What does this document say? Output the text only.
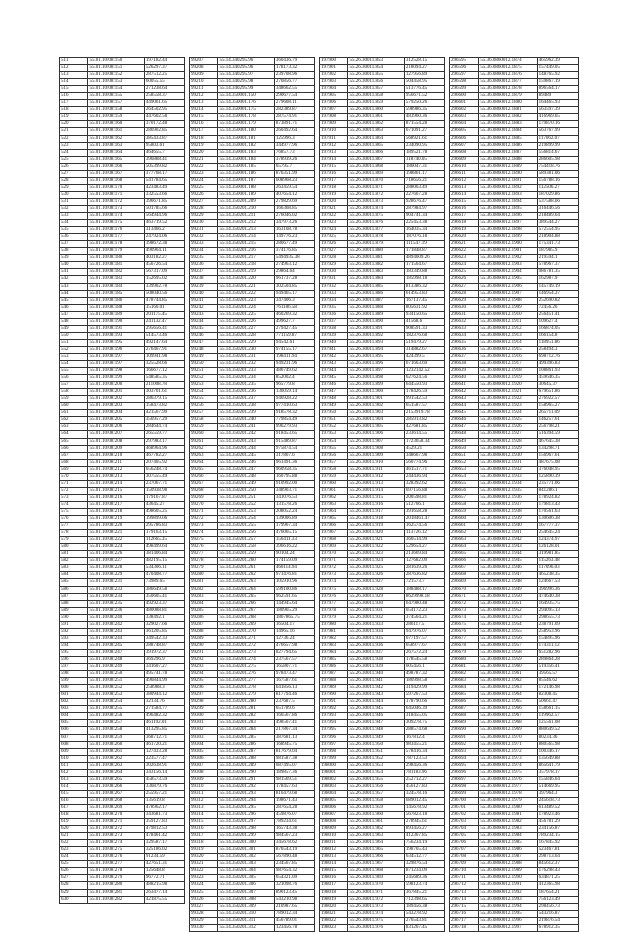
511	55.01.10/08:150	197182.44
512	55.01.10/08:151	526297.37
513	55.01.10/08:152	287512.25
514	55.01.10/08:153	60055.55
515	55.01.10/08:154	271238.64
516	55.01.10/08:155	258558.37
517	55.01.10/08:157	449061.65
518	55.01.10/08:158	264502.95
519	55.01.10/08:159	447602.58
520	55.01.10/08:160	370172.48
521	55.01.10/08:161	286902.85
522	55.01.10/08:162	385433.87
523	55.01.10/08:163	95803.61
524	55.01.10/08:164	464655.7
525	55.01.10/08:165	396888.41
526	55.01.10/08:166	505399.82
527	55.01.10/08:167	377768.17
528	55.01.10/08:168	541784.65
529	55.01.10/08:170	423483.49
530	55.01.10/08:171	332553.66
531	55.01.10/08:172	396671.85
532	55.01.10/08:173	501785.66
533	55.01.10/08:174	564944.96
534	55.01.10/08:175	463719.52
535	55.01.10/08:176	313466.2
536	55.01.10/08:177	247924.06
537	55.01.10/08:178	398672.38
538	55.01.10/08:179	490964.11
539	55.01.10/08:180	403182.27
540	55.01.10/08:181	456726.54
541	55.01.10/08:182	567317.09
542	55.01.10/08:183	152695.02
543	55.01.10/08:184	339902.78
544	55.01.10/08:185	508040.56
545	55.01.10/08:186	478744.85
546	55.01.10/08:188	35160.01
547	55.01.10/08:189	201175.45
548	55.01.10/08:190	241132.47
549	55.01.10/08:191	295656.41
550	55.01.10/08:193	514573.46
551	55.01.10/08:195	492147.64
552	55.01.10/08:196	276467.91
553	55.01.10/08:197	109941.98
554	55.01.10/08:197	325528.66
555	55.01.10/08:198	166677.12
556	55.01.10/08:199	548585.35
557	55.01.10/08:200	211008.78
558	55.01.10/08:201	303701.61
559	55.01.10/08:202	286379.15
560	55.01.10/08:203	158473.82
561	55.01.10/08:204	421567.99
562	55.01.10/08:205	356957.29
563	55.01.10/08:206	284644.74
564	55.01.10/08:207	265559.77
565	55.01.10/08:208	297983.17
566	55.01.10/08:209	468964.96
567	55.01.10/08:210	467782.27
568	55.01.10/08:211	207405.92
569	55.01.10/08:212	656248.74
570	55.01.10/08:213	307555.49
571	55.01.10/08:214	237067.71
572	55.01.10/08:215	150938.98
573	55.01.10/08:216	179167.87
574	55.01.10/08:217	43645.27
575	55.01.10/08:218	498605.25
576	55.01.10/08:219	199899.06
577	55.01.10/08:220	295786.83
578	55.01.10/08:221	179163.15
579	55.01.10/08:222	112665.35
580	55.01.10/08:224	498499.64
581	55.01.10/08:226	381406.84
582	55.01.10/08:227	482195.15
583	55.01.10/08:228	534306.11
584	55.01.10/08:229	470408.77
585	55.01.10/08:231	73989.65
586	55.01.10/08:233	386649.58
587	55.01.10/08:234	350605.41
588	55.01.10/08:235	492923.37
589	55.01.10/08:236	480088.81
590	55.01.10/08:240	338492.1
591	55.01.10/08:242	329027.66
592	55.01.10/08:243	361205.85
593	55.01.10/08:244	349542.33
594	55.01.10/08:245	288748.87
595	55.01.10/08:247	391972.37
596	55.01.10/08:248	369296.9
597	55.01.10/08:249	341607.27
598	55.01.10/08:250	495741.78
599	55.01.10/08:251	496844.99
600	55.01.10/08:252	258988.3
601	55.01.10/08:253	380944.12
602	55.01.10/08:254	32134.76
603	55.01.10/08:255	271584.77
604	55.01.10/08:256	496482.32
605	55.01.10/08:257	461192.01
606	55.01.10/08:258	413295.85
607	55.01.10/08:259	368712.71
608	55.01.10/08:260	461720.21
609	55.01.10/08:261	127433.28
610	55.01.10/08:262	223577.47
611	55.01.10/08:263	302638.91
612	55.01.10/08:264	343156.14
613	55.01.10/08:265	458573.59
614	55.01.10/08:266	336879.76
615	55.01.10/08:267	255957.21
616	55.01.10/08:268	135619.8
617	55.01.10/08:269	478962.17
618	55.01.10/08:270	343681.73
619	55.01.10/08:271	359127.83
620	55.01.10/08:272	479812.53
621	55.01.10/08:273	478461.42
622	55.01.10/08:274	329587.17
623	55.01.10/08:275	325186.02
624	55.01.10/08:276	91234.59
625	55.01.10/08:277	427651.31
626	55.01.10/08:278	125648.8
627	55.01.10/08:279	96772.71
628	55.01.10/08:280	488215.98
629	55.01.10/08:281	263477.14
630	55.01.10/08:282	421875.55
99207	55.14.340295.96	360436.79
99208	55.14.340295.96	178173.32
99209	55.14.340295.97	239708.96
99210	55.14.340295.98	276856.77
99211	55.14.340295.99	348662.55
99212	55.14.350001.150	290677.54
99213	55.14.350001.176	279608.11
99214	55.14.350001.175	282389.87
99215	55.14.350001.178	287574.91
99216	55.14.350001.179	873891.71
99217	55.14.350001.180	260492.64
99218	55.14.350001.181	125996.3
99219	55.14.350001.182	344977.96
99220	55.14.350001.183	76857.73
99221	55.14.350001.184	378939.26
99222	55.14.350001.185	65795.7
99223	55.14.350001.186	876351.99
99224	55.14.350001.187	608968.23
99225	55.14.350001.188	263459.54
99226	55.14.350001.189	407654.12
99227	55.14.350201.209	279829.69
99228	55.14.350201.210	166368.85
99229	55.14.350201.211	276046.02
99230	55.14.350201.212	347973.26
99231	55.14.350201.213	163168.78
99232	55.14.350201.214	149776.23
99233	55.14.350201.215	286677.49
99234	55.14.350201.216	374176.85
99235	55.14.350201.217	5494935.38
99236	55.14.350201.218	274963.12
99237	55.14.350201.219	29864.64
99238	55.14.350201.220	961737.28
99239	55.14.350201.221	302504.85
99240	55.14.350201.222	949465.17
99241	55.14.350201.223	347406.3
99242	55.14.350201.224	761186.58
99243	55.14.350201.225	460269.32
99244	55.14.350201.226	499627.7
99245	55.14.350201.227	279427.45
99246	55.14.350201.228	771159.87
99247	55.14.350201.229	94542.61
99248	55.14.350201.230	974155.17
99249	55.14.350201.231	198411.94
99250	55.14.350201.232	949231.96
99251	55.14.350201.233	486749.62
99252	55.14.350201.234	852002.4
99253	55.14.350201.235	965779.8
99254	55.14.350201.236	136059.14
99255	55.14.350201.237	946928.22
99256	55.14.350201.238	977410.63
99257	55.14.350201.239	918578.32
99258	55.14.350201.240	779854.49
99259	55.14.350201.241	996279.93
99260	55.14.350201.242	918453.65
99261	55.14.350201.243	915489.87
99262	55.14.350201.244	975874.54
99263	55.14.350201.245	317867.6
99264	55.14.350201.246	961491.36
99265	55.14.350201.247	960958.35
99266	55.14.350201.248	160795.88
99267	55.14.350201.249	910992.00
99268	55.14.350201.250	348903.71
99269	55.14.350201.251	341076.53
99270	55.14.350201.252	131578.26
99271	55.14.350201.253	208052.24
99272	55.14.350201.254	139006.89
99273	55.14.350201.255	179967.34
99274	55.14.350201.256	476065.15
99275	55.14.350201.257	156411.33
99276	55.14.350201.258	396616.22
99277	55.14.350201.259	90104.24
99278	55.14.350201.260	174159.09
99279	55.14.350201.261	460114.94
99280	55.14.350201.262	971476.81
99281	55.14.350201.263	105910.96
99282	55.14.350201.264	599100.86
99283	55.14.350201.265	962591.65
99284	55.14.350201.266	144945.64
99285	55.14.350201.267	180965.29
99286	55.14.350201.268	1867865.75
99287	55.14.350201.269	16504.17
99288	55.14.350201.270	14965.16
99289	55.14.350201.271	12736.24
99290	55.14.350201.272	476657.98
99291	55.14.350201.273	827794.65
99292	55.14.350201.274	237567.57
99293	55.14.350201.275	165807.71
99294	55.14.350201.276	978473.47
99295	55.14.350201.277	167587.61
99296	55.14.350201.278	641856.13
99297	55.14.350201.279	817794.46
99298	55.14.350201.280	237687.5
99299	55.14.350201.281	651789.6
99300	55.14.350201.282	166567.86
99301	55.14.350201.283	498567.41
99302	55.14.350201.284	217867.34
99303	55.14.350201.285	387681.13
99304	55.14.350201.286	168945.75
99305	55.14.350201.287	817679.04
99306	55.14.350201.288	981587.38
99307	55.14.350201.289	687495.07
99308	55.14.350201.290	189857.36
99309	55.14.350201.291	981569.51
99310	55.14.350201.292	178457.63
99311	55.14.350201.293	816479.68
99312	55.14.350201.294	198671.43
99313	55.14.350201.295	287654.28
99314	55.14.350201.296	459876.07
99315	55.14.350201.297	789234.61
99316	55.14.350201.298	165743.38
99317	55.14.350201.299	984567.23
99318	55.14.350201.300	345678.62
99319	55.14.350201.301	876543.19
99320	55.14.350201.302	567890.48
99321	55.14.350201.303	234567.85
99322	55.14.350201.304	987654.32
99323	55.14.350201.305	654321.09
99324	55.14.350201.306	321098.76
99325	55.14.350201.307	890123.45
99326	55.14.350201.308	543210.98
99327	55.14.350201.309	210987.65
99328	55.14.350201.310	789012.34
99329	55.14.350201.311	456789.01
99330	55.14.350201.312	123456.78
197900	55.26.30011.853	312528.15
197901	55.26.30011.854	218094.27
197902	55.26.30011.855	127956.89
197903	55.26.30011.856	504458.95
197904	55.26.30011.857	513776.45
197905	55.26.30011.858	956671.52
197906	55.26.30011.859	579250.26
197907	55.26.30011.860	598986.35
197908	55.26.30011.861	483960.36
197909	55.26.30011.862	871554.28
197910	55.26.30011.863	671091.27
197911	55.26.30011.864	568921.61
197912	55.26.30011.865	234090.95
197913	55.26.30011.866	189521.78
197914	55.26.30011.867	118740.05
197915	55.26.30011.868	186047.31
197916	55.26.30011.869	198861.17
197917	55.26.30011.870	718656.21
197918	55.26.30011.871	288063.49
197919	55.26.30011.872	227667.28
197920	55.26.30011.873	928676.47
197921	55.26.30011.874	287984.97
197922	55.26.30011.875	904741.34
197923	55.26.30011.876	225453.38
197924	55.26.30011.877	164035.34
197925	55.26.30011.878	187076.18
197926	55.26.30011.879	111547.19
197927	55.26.30011.880	171848.87
197928	55.26.30011.881	4894609.26
197929	55.26.30011.882	171564.67
197930	55.26.30011.883	183349.88
197931	55.26.30011.884	185998.18
197932	55.26.30011.885	813386.32
197933	55.26.30011.886	614953.83
197934	55.26.30011.887	167137.45
197935	55.26.30011.888	805631.92
197936	55.26.30011.889	934150.65
197937	55.26.30011.890	41568.6
197938	55.26.30011.891	908591.33
197939	55.26.30011.892	182376.68
197940	55.26.30011.893	519479.27
197941	55.26.30011.894	314882.67
197942	55.26.30011.895	424399.5
197943	55.26.30011.896	671663.69
197944	55.26.30011.897	1232142.52
197945	55.26.30011.898	627624.56
197946	55.26.30011.899	644550.93
197947	55.26.30011.900	178426.59
197948	55.26.30011.901	991542.53
197949	55.26.30011.902	651587.57
197950	55.26.30011.903	2153919.78
197951	55.26.30011.904	285913.82
197952	55.26.30011.905	427681.85
197953	55.26.30011.906	233614.55
197954	55.26.30011.907	1723658.34
197955	55.26.30011.908	4529.21
197956	55.26.30011.909	348667.98
197957	55.26.30011.910	560774.96
197958	55.26.30011.911	461517.71
197959	55.26.30011.912	244436.94
197960	55.26.30011.913	328392.62
197961	55.26.30011.914	697156.88
197962	55.26.30011.915	200598.81
197963	55.26.30011.916	512766.1
197964	55.26.30011.917	391658.28
197965	55.26.30011.918	2018461.47
197966	55.26.30011.919	162574.56
197967	55.26.30011.920	113726.12
197968	55.26.30011.921	366514.99
197969	55.26.30011.922	529654.27
197970	55.26.30011.923	213669.84
197971	55.26.30011.924	127682.09
197972	55.26.30011.925	281639.26
197973	55.26.30011.926	287636.82
197974	55.26.30011.927	721573.7
197975	55.26.30011.928	188488.17
197976	55.26.30011.929	8629998.18
197977	55.26.30011.930	647980.48
197978	55.26.30011.931	654172.23
197979	55.26.30011.932	374564.21
197980	55.26.30011.933	286117.5
197981	55.26.30011.934	947976.07
197982	55.26.30011.935	677197.57
197983	55.26.30011.936	658977.67
197984	55.26.30011.937	267572.24
197985	55.26.30011.938	178545.58
197986	55.26.30011.939	605456.1
197987	55.26.30011.940	498787.32
197988	55.26.30011.941	186998.58
197989	55.26.30011.942	319429.99
197990	55.26.30011.943	597267.53
197991	55.26.30011.944	178790.66
197992	55.26.30011.945	645046.39
197993	55.26.30011.946	318455.05
197994	55.26.30011.947	309278.75
197995	55.26.30011.948	288574.68
197996	55.26.30011.949	167812.4
197997	55.26.30011.950	983455.21
197998	55.26.30011.951	578416.34
197999	55.26.30011.952	787123.53
198000	55.26.30011.953	298456.36
198001	55.26.30011.954	781183.96
198002	55.26.30011.955	252712.27
198003	55.26.30011.956	456127.83
198004	55.26.30011.957	324578.16
198005	55.26.30011.958	689012.45
198006	55.26.30011.959	145678.92
198007	55.26.30011.960	567823.18
198008	55.26.30011.961	278945.61
198009	55.26.30011.962	893456.27
198010	55.26.30011.963	412367.85
198011	55.26.30011.964	756234.19
198012	55.26.30011.965	198765.43
198013	55.26.30011.966	634512.77
198014	55.26.30011.967	329876.54
198015	55.26.30011.968	871234.09
198016	55.26.30011.969	245689.36
198017	55.26.30011.970	598123.74
198018	55.26.30011.971	367845.21
198019	55.26.30011.972	712398.65
198020	55.26.30011.973	189456.38
198021	55.26.30011.974	543278.92
198022	55.26.30011.975	276543.81
198023	55.26.30011.976	831267.45
296595	55.36.0860012.1874	465962.39
296596	55.36.0860012.1875	157449.05
296597	55.36.0860012.1876	148765.92
296598	55.36.0860012.1877	159867.19
296599	55.36.0860012.1878	896564.17
296600	55.36.0860012.1879	89489
296601	55.36.0860012.1880	164465.93
296602	55.36.0860012.1881	563597.39
296603	55.36.0860012.1882	416969.65
296604	55.36.0860012.1883	179870.16
296605	55.36.0860012.1884	563767.99
296606	55.36.0860012.1885	117062.07
296607	55.36.0860012.1886	219899.99
296608	55.36.0860012.1887	556814.67
296609	55.36.0860012.1888	286605.98
296610	55.36.0860012.1889	754418.76
296611	55.36.0860012.1890	589381.06
296612	55.36.0860012.1891	156788.16
296613	55.36.0860012.1892	112506.27
296614	55.36.0860012.1893	187029.86
296615	55.36.0860012.1894	537588.66
296616	55.36.0860012.1895	316446.56
296617	55.36.0860012.1896	218489.64
296618	55.36.0860012.1897	389544.27
296619	55.36.0860012.1898	572554.95
296620	55.36.0860012.1899	218904.88
296621	55.36.0860012.1900	175341.73
296622	55.36.0860012.1901	187985.9
296623	55.36.0860012.1902	219594.1
296624	55.36.0860012.1903	578967.37
296625	55.36.0860012.1904	986781.35
296626	55.36.0860012.1905	162987.9
296627	55.36.0860012.1906	145749.19
296628	55.36.0860012.1907	146954.37
296629	55.36.0860012.1908	252690.82
296630	55.36.0860012.1909	72456.26
296631	55.36.0860012.1910	256451.41
296632	55.36.0860012.1911	109627.4
296633	55.36.0860012.1912	166874.05
296634	55.36.0860012.1913	166154.8
296635	55.36.0860012.1914	118951.86
296636	55.36.0860012.1915	258494.3
296637	55.36.0860012.1916	698712.76
296638	55.36.0860012.1917	499396.83
296639	55.36.0860012.1918	108861.93
296640	55.36.0860012.1919	459646.35
296641	55.36.0860012.1920	30645.37
296642	55.36.0860012.1921	679651.86
296643	55.36.0860012.1922	276922.57
296644	55.36.0860012.1923	158965.27
296645	55.36.0860012.1924	265711.09
296646	55.36.0860012.1925	146257.61
296647	55.36.0860012.1926	256798.21
296648	55.36.0860012.1927	516394.59
296649	55.36.0860012.1928	467645.38
296650	55.36.0860012.1929	134298.71
296651	55.36.0860012.1930	156967.61
296652	55.36.0860012.1931	487675.08
296653	55.36.0860012.1932	376048.95
296654	55.36.0860012.1933	125890.39
296655	55.36.0860012.1934	235771.06
296656	55.36.0860012.1935	841286.1
296657	55.36.0860012.1936	178924.82
296658	55.36.0860012.1937	179813.43
296659	55.36.0860012.1938	170561.63
296660	55.36.0860012.1939	130606.38
296661	55.36.0860012.1940	167777.37
296662	55.36.0860012.1941	254645.24
296663	55.36.0860012.1942	124374.97
296664	55.36.0860012.1943	126128.01
296665	55.36.0860012.1944	319981.85
296666	55.36.0860012.1945	115263.48
296667	55.36.0860012.1946	117096.03
296668	55.36.0860012.1947	465238.35
296669	55.36.0860012.1948	124667.53
296670	55.36.0860012.1949	396996.36
296671	55.36.0860012.1950	474640.38
296672	55.36.0860012.1951	164935.75
296673	55.36.0860012.1952	294095.13
296674	55.36.0860012.1953	298655.73
296675	55.36.0860012.1954	238791.69
296676	55.36.0860012.1955	258953.96
296677	55.36.0860012.1956	154895.96
296678	55.36.0860012.1957	174311.12
296679	55.36.0860012.1958	651282.96
296680	55.36.0860012.1959	289864.28
296681	55.36.0860012.1960	519356.41
296682	55.36.0860012.1961	39565.57
296683	55.36.0860012.1962	85546.62
296684	55.36.0860012.1963	172146.98
296685	55.36.0860012.1964	82308.45
296686	55.36.0860012.1965	50661.47
296687	55.36.0860012.1966	158661.15
296688	55.36.0860012.1967	119962.57
296689	55.36.0860012.1968	125561.08
296690	55.36.0860012.1969	880649.52
296691	55.36.0860012.1970	80234.36
296692	55.36.0860012.1971	880565.98
296693	55.36.0860012.1972	100346.17
296694	55.36.0860012.1973	135649.88
296695	55.36.0860012.1974	865641.79
296696	55.36.0860012.1975	357978.17
296697	55.36.0860012.1976	155846.64
296698	55.36.0860012.1977	514669.95
296699	55.36.0860012.1978	397964.3
296700	55.36.0860012.1979	245618.73
296701	55.36.0860012.1980	613489.52
296702	55.36.0860012.1981	178923.46
296703	55.36.0860012.1982	456781.29
296704	55.36.0860012.1983	234156.87
296705	55.36.0860012.1984	789234.15
296706	55.36.0860012.1985	167845.92
296707	55.36.0860012.1986	523467.81
296708	55.36.0860012.1987	298713.64
296709	55.36.0860012.1988	845612.37
296710	55.36.0860012.1989	176298.43
296711	55.36.0860012.1990	634871.25
296712	55.36.0860012.1991	412365.98
296713	55.36.0860012.1992	187654.21
296714	55.36.0860012.1993	756123.49
296715	55.36.0860012.1994	298456.73
296716	55.36.0860012.1995	543216.87
296717	55.36.0860012.1996	219876.54
296718	55.36.0860012.1997	678912.35
